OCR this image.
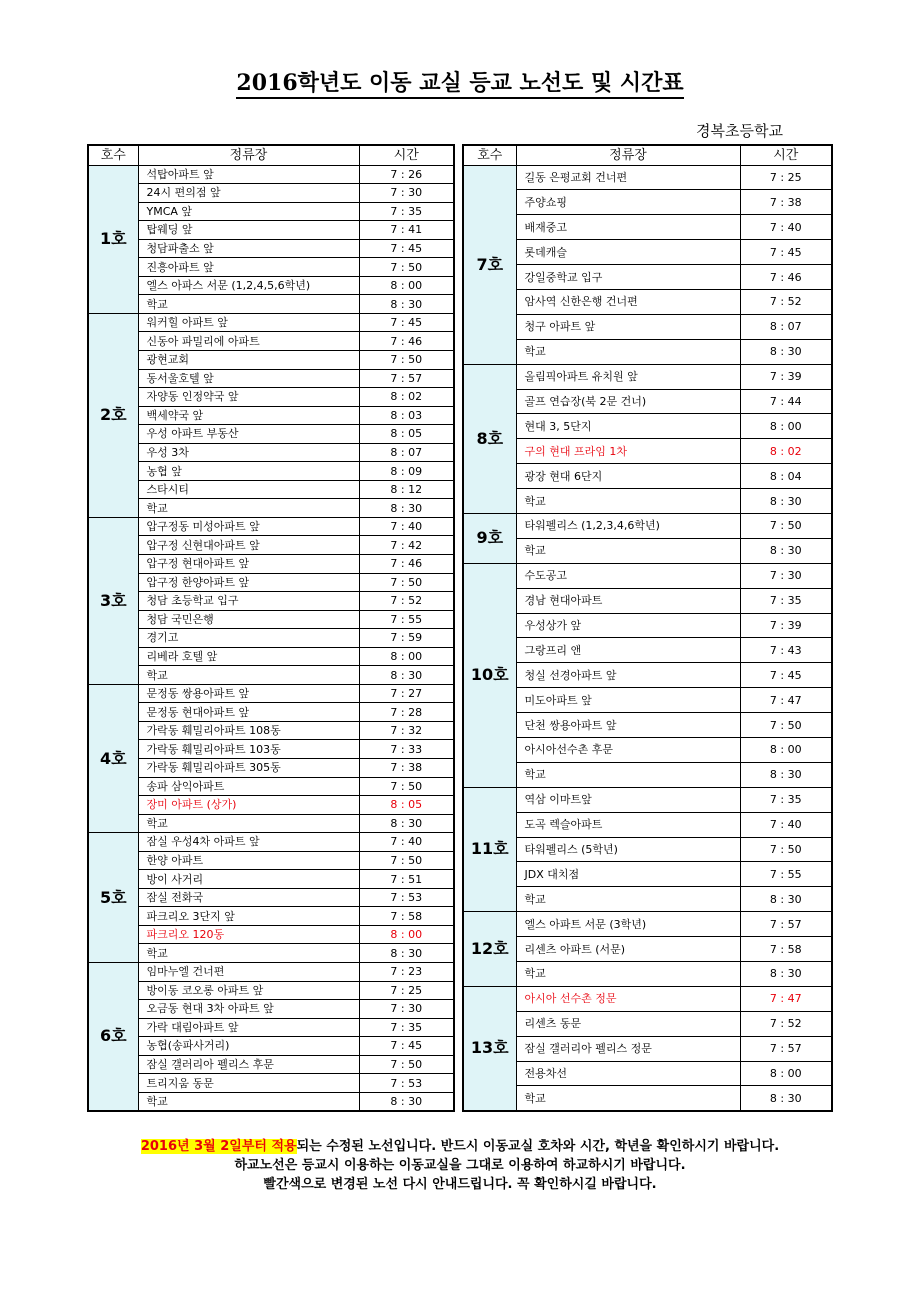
2016학년도 이동 교실 등교 노선도 및 시간표
경복초등학교
호수	정류장	시간
1호	석탑아파트 앞	7 : 26
	24시 편의점 앞	7 : 30
	YMCA 앞	7 : 35
	탑웨딩 앞	7 : 41
	청담파출소 앞	7 : 45
	진흥아파트 앞	7 : 50
	엘스 아파스 서문 (1,2,4,5,6학년)	8 : 00
	학교	8 : 30
2호	워커힐 아파트 앞	7 : 45
	신동아 파밀리에 아파트	7 : 46
	광현교회	7 : 50
	동서울호텔 앞	7 : 57
	자양동 인정약국 앞	8 : 02
	백세약국 앞	8 : 03
	우성 아파트 부동산	8 : 05
	우성 3차	8 : 07
	농협 앞	8 : 09
	스타시티	8 : 12
	학교	8 : 30
3호	압구정동 미성아파트 앞	7 : 40
	압구정 신현대아파트 앞	7 : 42
	압구정 현대아파트 앞	7 : 46
	압구정 한양아파트 앞	7 : 50
	청담 초등학교 입구	7 : 52
	청담 국민은행	7 : 55
	경기고	7 : 59
	리베라 호텔 앞	8 : 00
	학교	8 : 30
4호	문정동 쌍용아파트 앞	7 : 27
	문정동 현대아파트 앞	7 : 28
	가락동 훼밀리아파트 108동	7 : 32
	가락동 훼밀리아파트 103동	7 : 33
	가락동 훼밀리아파트 305동	7 : 38
	송파 삼익아파트	7 : 50
	장미 아파트 (상가)	8 : 05
	학교	8 : 30
5호	잠실 우성4차 아파트 앞	7 : 40
	한양 아파트	7 : 50
	방이 사거리	7 : 51
	잠실 전화국	7 : 53
	파크리오 3단지 앞	7 : 58
	파크리오 120동	8 : 00
	학교	8 : 30
6호	임마누엘 건너편	7 : 23
	방이동 코오롱 아파트 앞	7 : 25
	오금동 현대 3차 아파트 앞	7 : 30
	가락 대림아파트 앞	7 : 35
	농협(송파사거리)	7 : 45
	잠실 갤러리아 펠리스 후문	7 : 50
	트리지움 동문	7 : 53
	학교	8 : 30
호수	정류장	시간
7호	길동 은평교회 건너편	7 : 25
	주양쇼핑	7 : 38
	배재중고	7 : 40
	롯데캐슬	7 : 45
	강일중학교 입구	7 : 46
	암사역 신한은행 건너편	7 : 52
	청구 아파트 앞	8 : 07
	학교	8 : 30
8호	올림픽아파트 유치원 앞	7 : 39
	골프 연습장(북 2문 건너)	7 : 44
	현대 3, 5단지	8 : 00
	구의 현대 프라임 1차	8 : 02
	광장 현대 6단지	8 : 04
	학교	8 : 30
9호	타워펠리스 (1,2,3,4,6학년)	7 : 50
	학교	8 : 30
10호	수도공고	7 : 30
	경남 현대아파트	7 : 35
	우성상가 앞	7 : 39
	그랑프리 앤	7 : 43
	청실 선경아파트 앞	7 : 45
	미도아파트 앞	7 : 47
	단천 쌍용아파트 앞	7 : 50
	아시아선수촌 후문	8 : 00
	학교	8 : 30
11호	역삼 이마트앞	7 : 35
	도곡 렉슬아파트	7 : 40
	타워펠리스 (5학년)	7 : 50
	JDX 대치점	7 : 55
	학교	8 : 30
12호	엘스 아파트 서문 (3학년)	7 : 57
	리센츠 아파트 (서문)	7 : 58
	학교	8 : 30
13호	아시아 선수촌 정문	7 : 47
	리센츠 동문	7 : 52
	잠실 갤러리아 펠리스 정문	7 : 57
	전용차선	8 : 00
	학교	8 : 30
2016년 3월 2일부터 적용되는 수정된 노선입니다. 반드시 이동교실 호차와 시간, 학년을 확인하시기 바랍니다.
하교노선은 등교시 이용하는 이동교실을 그대로 이용하여 하교하시기 바랍니다.
빨간색으로 변경된 노선 다시 안내드립니다. 꼭 확인하시길 바랍니다.
